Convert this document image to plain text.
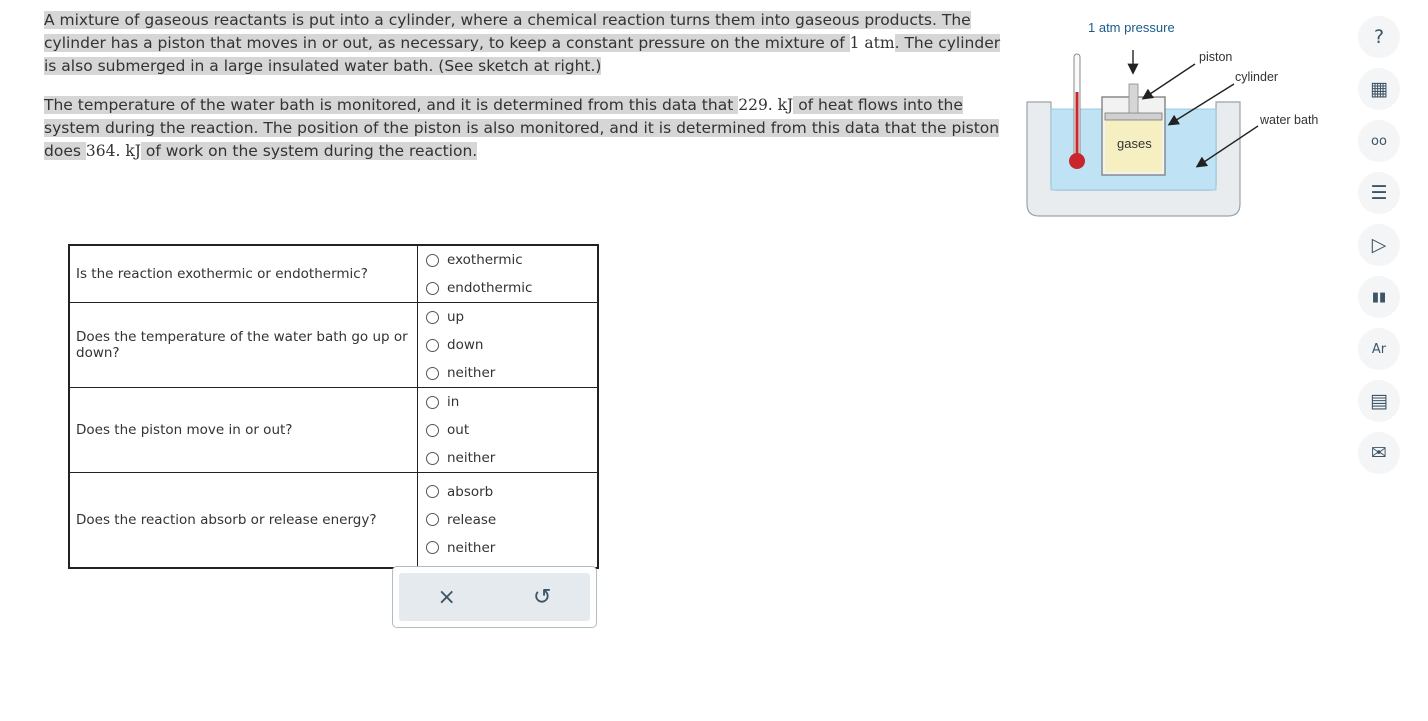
A mixture of gaseous reactants is put into a cylinder, where a chemical reaction turns them into gaseous products. The cylinder has a piston that moves in or out, as necessary, to keep a constant pressure on the mixture of 1 atm. The cylinder is also submerged in a large insulated water bath. (See sketch at right.)

The temperature of the water bath is monitored, and it is determined from this data that 229. kJ of heat flows into the system during the reaction. The position of the piston is also monitored, and it is determined from this data that the piston does 364. kJ of work on the system during the reaction.

1 atm pressure
piston
cylinder
water bath
gases
Is the reaction exothermic or endothermic?	exothermic
endothermic

Does the temperature of the water bath go up or down?	up
down
neither

Does the piston move in or out?	in
out
neither

Does the reaction absorb or release energy?	absorb
release
neither
×	↺
?
▦
oo
☰
▷
▮▮
Ar
▤
✉
